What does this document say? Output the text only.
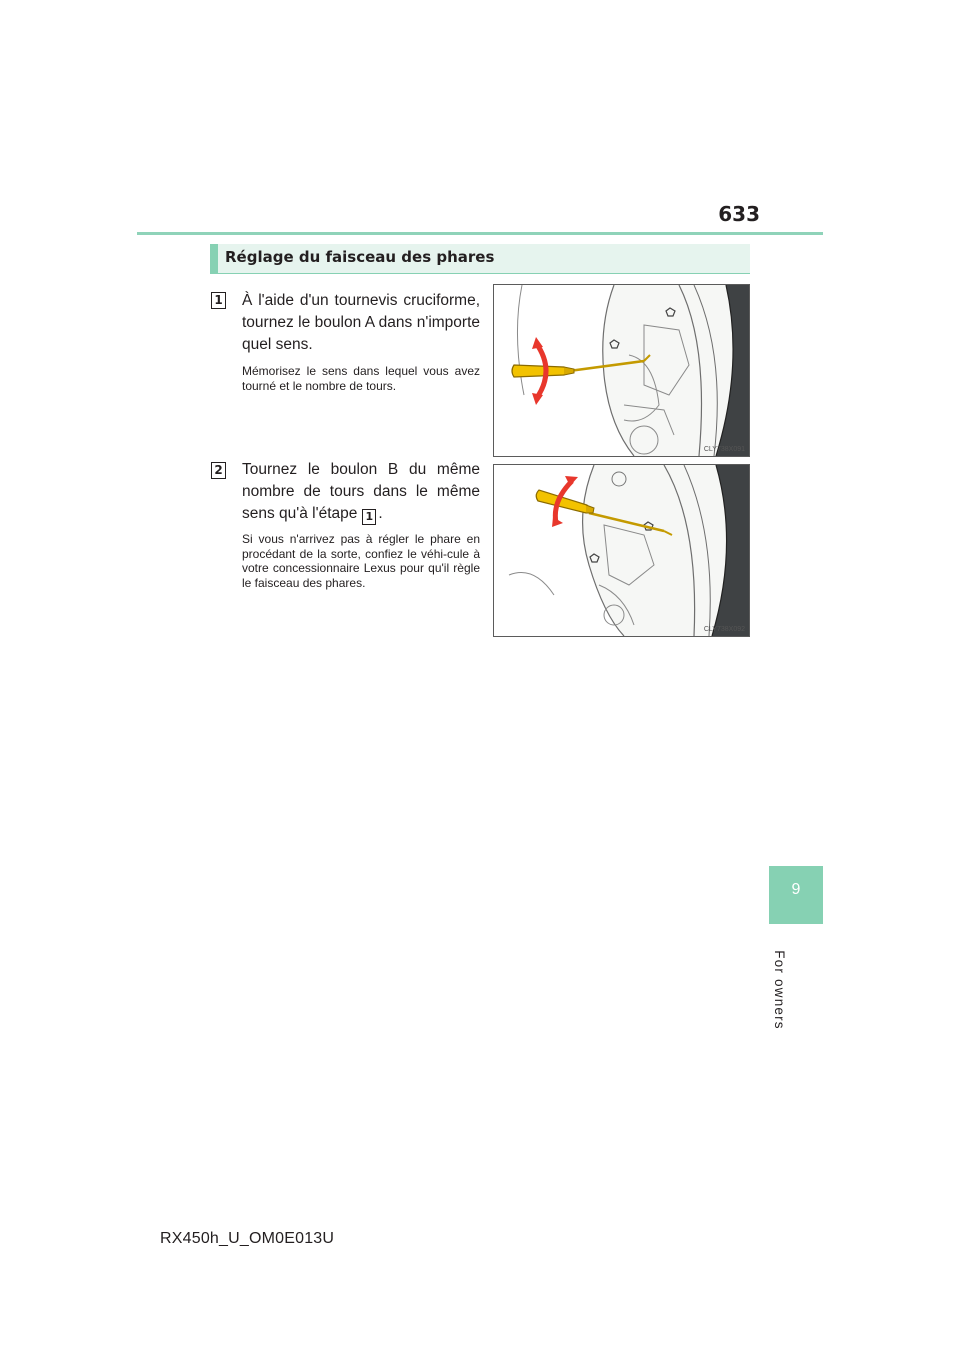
633
9
For owners
Réglage du faisceau des phares
1 À l'aide d'un tournevis cruciforme, tournez le boulon A dans n'importe quel sens.
Mémorisez le sens dans lequel vous avez tourné et le nombre de tours.
CLY738X091
2 Tournez le boulon B du même nombre de tours dans le même sens qu'à l'étape 1 .
Si vous n'arrivez pas à régler le phare en procédant de la sorte, confiez le véhi-cule à votre concessionnaire Lexus pour qu'il règle le faisceau des phares.
CLY738X092
RX450h_U_OM0E013U
